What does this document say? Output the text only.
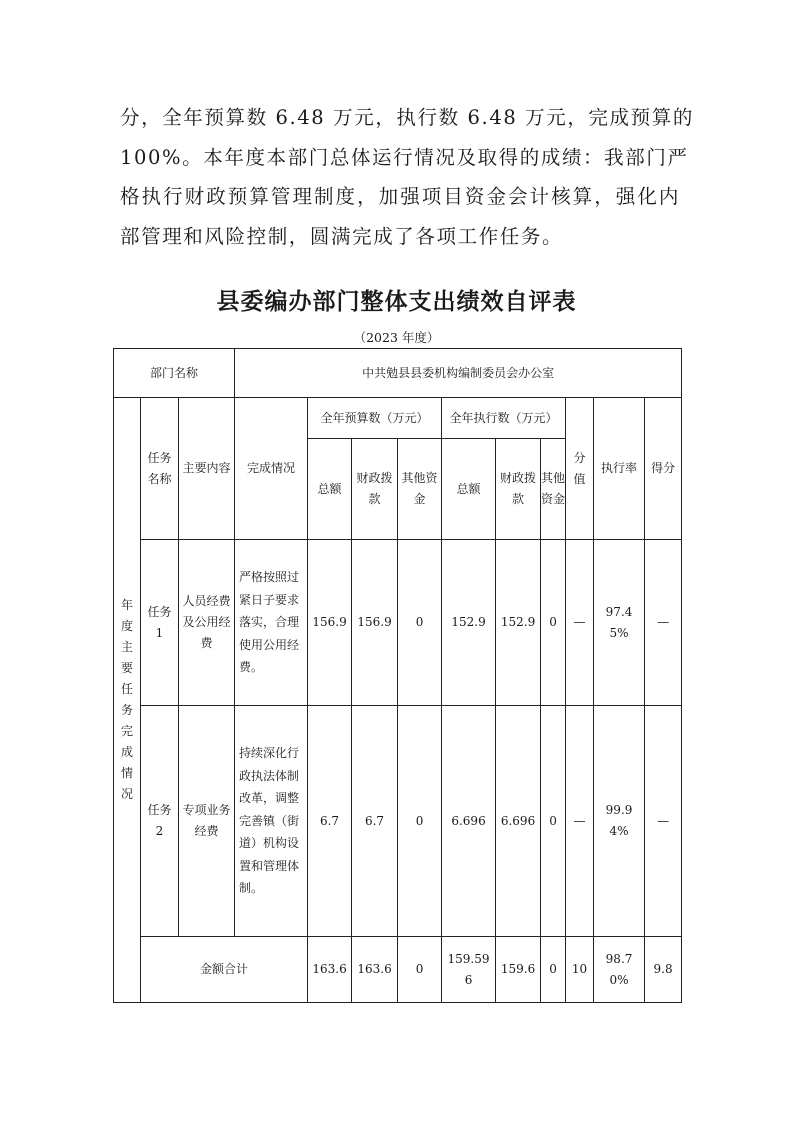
分，全年预算数 6.48 万元，执行数 6.48 万元，完成预算的
100%。本年度本部门总体运行情况及取得的成绩：我部门严
格执行财政预算管理制度，加强项目资金会计核算，强化内
部管理和风险控制，圆满完成了各项工作任务。
县委编办部门整体支出绩效自评表

（2023 年度）

部门名称			中共勉县县委机构编制委员会办公室									
年度主要任务完成情况	任务名称	主要内容	完成情况	全年预算数（万元）			全年执行数（万元）			分值	执行率	得分
				总额	财政拨款	其他资金	总额	财政拨款	其他资金			
	任务 1	人员经费及公用经费	严格按照过紧日子要求落实，合理使用公用经费。	156.9	156.9	0	152.9	152.9	0	—	97.45%	—
	任务 2	专项业务经费	持续深化行政执法体制改革，调整完善镇（街道）机构设置和管理体制。	6.7	6.7	0	6.696	6.696	0	—	99.94%	—
	金额合计			163.6	163.6	0	159.596	159.6	0	10	98.70%	9.8
